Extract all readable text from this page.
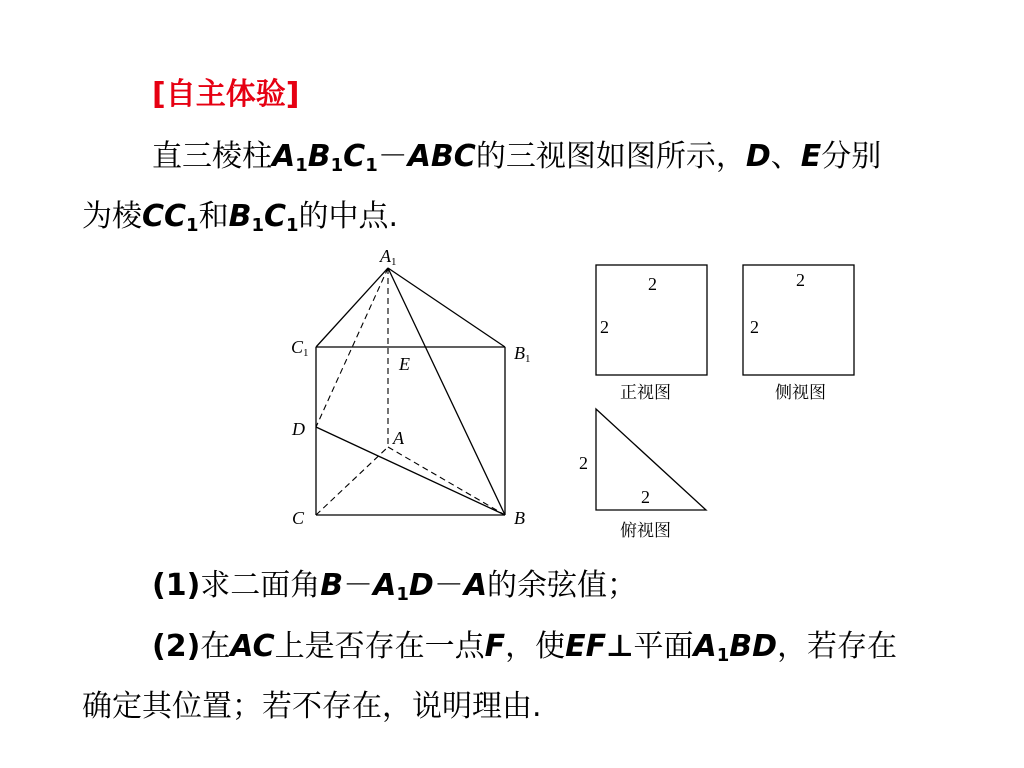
[自主体验]
直三棱柱$A_1B_1C_1-ABC$的三视图如图所示，D、E分别
为棱$CC_1$和$B_1C_1$的中点.
A1
C1	B1
E
D	A
C	B
2
2
正视图
2
2
侧视图
2
2
俯视图
(1)求二面角$B-A_1D-A$的余弦值；
(2)在AC上是否存在一点F，使EF⊥平面$A_1BD$，若存在
确定其位置；若不存在，说明理由.
